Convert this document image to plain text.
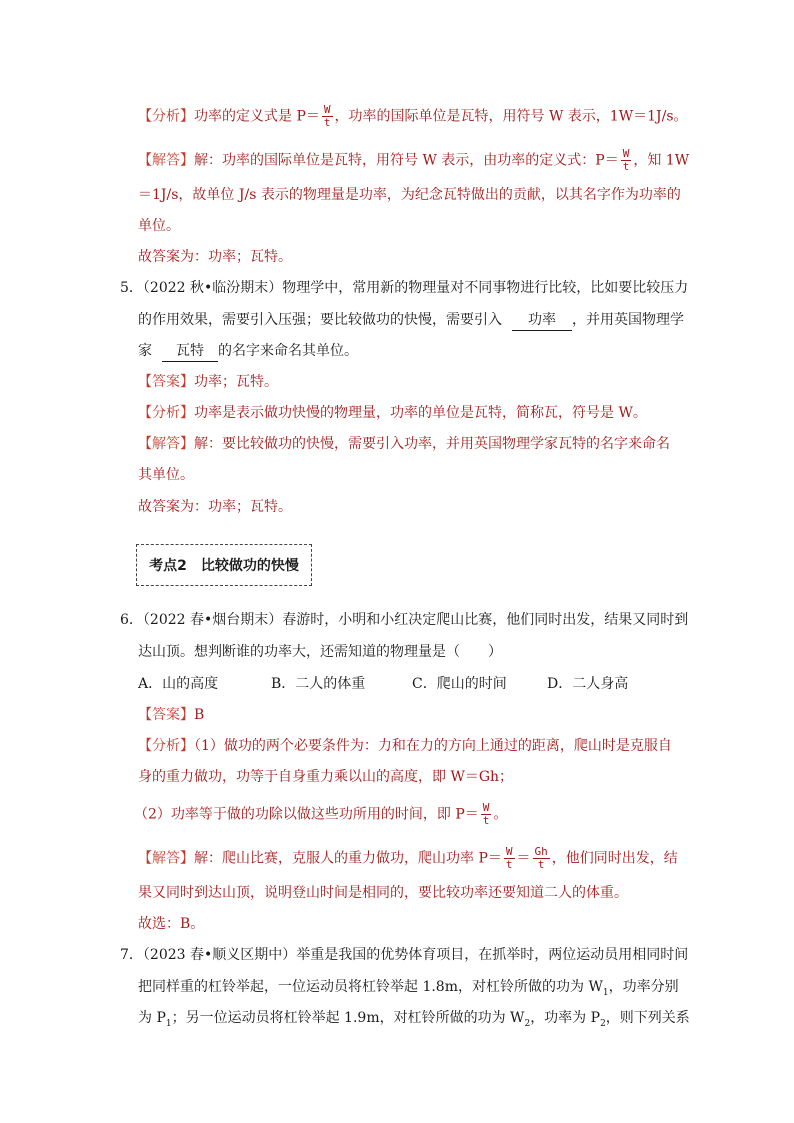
【分析】功率的定义式是 $P= \frac{W}{t}$ ，功率的国际单位是瓦特，用符号 W 表示，1W＝1J/s。
【解答】解：功率的国际单位是瓦特，用符号 W 表示，由功率的定义式：$P= \frac{W}{t}$ ，知 1W
＝1J/s，故单位 J/s 表示的物理量是功率，为纪念瓦特做出的贡献，以其名字作为功率的
单位。
故答案为：功率；瓦特。
5．（2022 秋•临汾期末）物理学中，常用新的物理量对不同事物进行比较，比如要比较压力
的作用效果，需要引入压强；要比较做功的快慢，需要引入 功率 ，并用英国物理学
家 瓦特 的名字来命名其单位。
【答案】功率；瓦特。
【分析】功率是表示做功快慢的物理量，功率的单位是瓦特，简称瓦，符号是 W。
【解答】解：要比较做功的快慢，需要引入功率，并用英国物理学家瓦特的名字来命名
其单位。
故答案为：功率；瓦特。
考点2　比较做功的快慢
6．（2022 春•烟台期末）春游时，小明和小红决定爬山比赛，他们同时出发，结果又同时到
达山顶。想判断谁的功率大，还需知道的物理量是（　　）
A．山的高度	B．二人的体重	C．爬山的时间	D．二人身高
【答案】B
【分析】（1）做功的两个必要条件为：力和在力的方向上通过的距离，爬山时是克服自
身的重力做功，功等于自身重力乘以山的高度，即 W＝Gh；
（2）功率等于做的功除以做这些功所用的时间，即 $P= \frac{W}{t}$ 。
【解答】解：爬山比赛，克服人的重力做功，爬山功率 $P= \frac{W}{t} = \frac{Gh}{t}$ ，他们同时出发，结
果又同时到达山顶，说明登山时间是相同的，要比较功率还要知道二人的体重。
故选：B。
7．（2023 春•顺义区期中）举重是我国的优势体育项目，在抓举时，两位运动员用相同时间
把同样重的杠铃举起，一位运动员将杠铃举起 1.8m，对杠铃所做的功为 $W_1$，功率分别
为 $P_1$；另一位运动员将杠铃举起 1.9m，对杠铃所做的功为 $W_2$，功率为 $P_2$，则下列关系
